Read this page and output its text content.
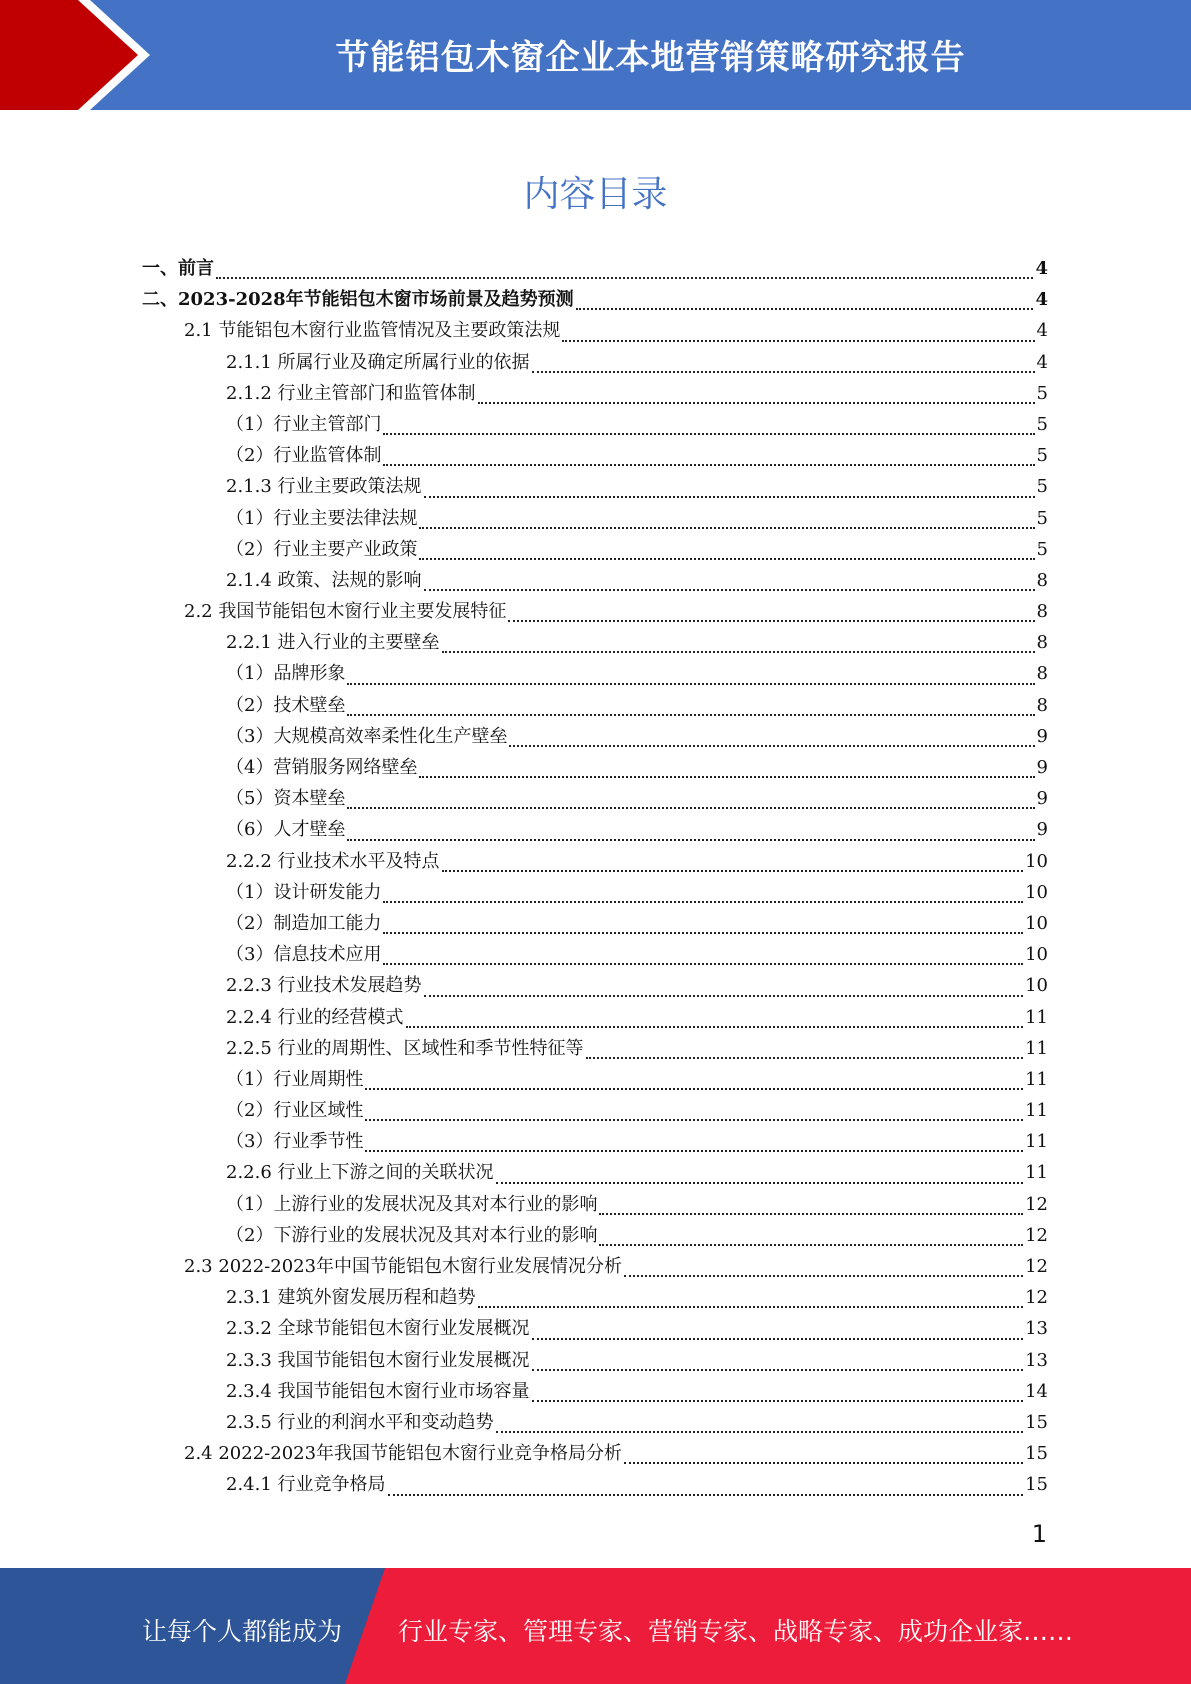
节能铝包木窗企业本地营销策略研究报告
内容目录
一、前言	4
二、2023-2028年节能铝包木窗市场前景及趋势预测	4
2.1 节能铝包木窗行业监管情况及主要政策法规	4
2.1.1 所属行业及确定所属行业的依据	4
2.1.2 行业主管部门和监管体制	5
（1）行业主管部门	5
（2）行业监管体制	5
2.1.3 行业主要政策法规	5
（1）行业主要法律法规	5
（2）行业主要产业政策	5
2.1.4 政策、法规的影响	8
2.2 我国节能铝包木窗行业主要发展特征	8
2.2.1 进入行业的主要壁垒	8
（1）品牌形象	8
（2）技术壁垒	8
（3）大规模高效率柔性化生产壁垒	9
（4）营销服务网络壁垒	9
（5）资本壁垒	9
（6）人才壁垒	9
2.2.2 行业技术水平及特点	10
（1）设计研发能力	10
（2）制造加工能力	10
（3）信息技术应用	10
2.2.3 行业技术发展趋势	10
2.2.4 行业的经营模式	11
2.2.5 行业的周期性、区域性和季节性特征等	11
（1）行业周期性	11
（2）行业区域性	11
（3）行业季节性	11
2.2.6 行业上下游之间的关联状况	11
（1）上游行业的发展状况及其对本行业的影响	12
（2）下游行业的发展状况及其对本行业的影响	12
2.3 2022-2023年中国节能铝包木窗行业发展情况分析	12
2.3.1 建筑外窗发展历程和趋势	12
2.3.2 全球节能铝包木窗行业发展概况	13
2.3.3 我国节能铝包木窗行业发展概况	13
2.3.4 我国节能铝包木窗行业市场容量	14
2.3.5 行业的利润水平和变动趋势	15
2.4 2022-2023年我国节能铝包木窗行业竞争格局分析	15
2.4.1 行业竞争格局	15
1
让每个人都能成为 行业专家、管理专家、营销专家、战略专家、成功企业家……
